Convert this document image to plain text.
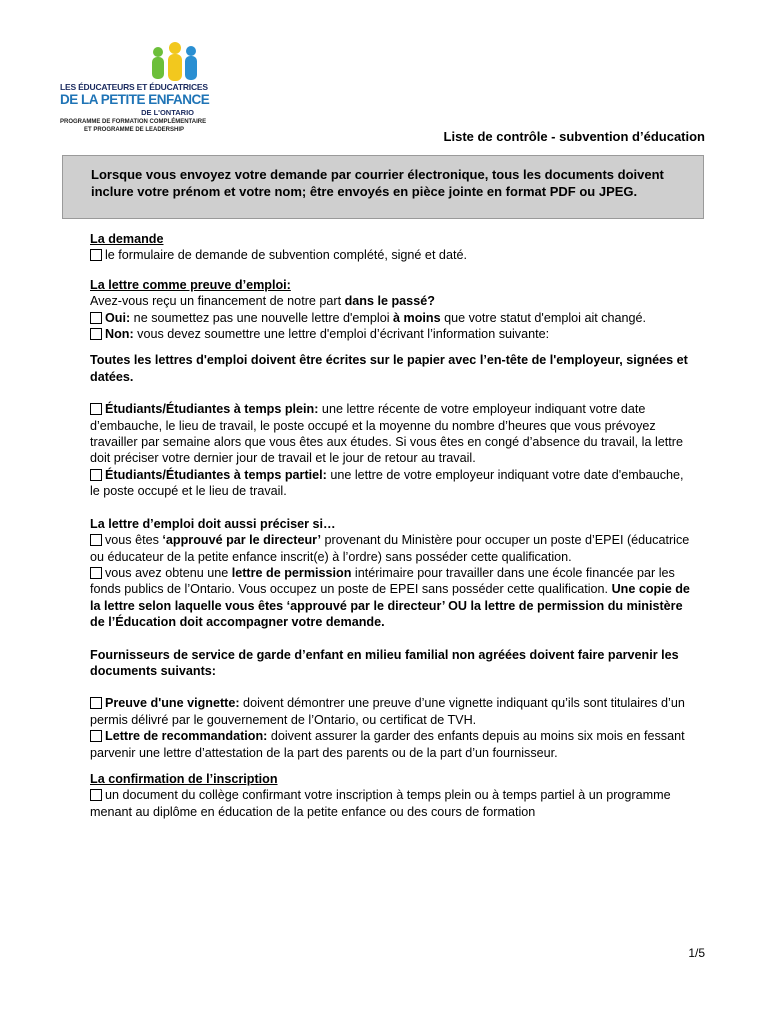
LES ÉDUCATEURS ET ÉDUCATRICES
DE LA PETITE ENFANCE
DE L'ONTARIO
PROGRAMME DE FORMATION COMPLÉMENTAIRE
ET PROGRAMME DE LEADERSHIP	Liste de contrôle - subvention d’éducation
Lorsque vous envoyez votre demande par courrier électronique, tous les documents doivent inclure votre prénom et votre nom; être envoyés en pièce jointe en format PDF ou JPEG.

La demande

le formulaire de demande de subvention complété, signé et daté.

La lettre comme preuve d’emploi:

Avez-vous reçu un financement de notre part dans le passé?

Oui: ne soumettez pas une nouvelle lettre d'emploi à moins que votre statut d'emploi ait changé.

Non: vous devez soumettre une lettre d'emploi d’écrivant l’information suivante:

Toutes les lettres d'emploi doivent être écrites sur le papier avec l’en-tête de l'employeur, signées et datées.

Étudiants/Étudiantes à temps plein: une lettre récente de votre employeur indiquant votre date d’embauche, le lieu de travail, le poste occupé et la moyenne du nombre d’heures que vous prévoyez travailler par semaine alors que vous êtes aux études. Si vous êtes en congé d’absence du travail, la lettre doit préciser votre dernier jour de travail et le jour de retour au travail.

Étudiants/Étudiantes à temps partiel: une lettre de votre employeur indiquant votre date d'embauche, le poste occupé et le lieu de travail.

La lettre d’emploi doit aussi préciser si…

vous êtes ‘approuvé par le directeur’ provenant du Ministère pour occuper un poste d’EPEI (éducatrice ou éducateur de la petite enfance inscrit(e) à l’ordre) sans posséder cette qualification.

vous avez obtenu une lettre de permission intérimaire pour travailler dans une école financée par les fonds publics de l’Ontario. Vous occupez un poste de EPEI sans posséder cette qualification. Une copie de la lettre selon laquelle vous êtes ‘approuvé par le directeur’ OU la lettre de permission du ministère de l’Éducation doit accompagner votre demande.

Fournisseurs de service de garde d’enfant en milieu familial non agréées doivent faire parvenir les documents suivants:

Preuve d'une vignette: doivent démontrer une preuve d’une vignette indiquant qu’ils sont titulaires d’un permis délivré par le gouvernement de l’Ontario, ou certificat de TVH.

Lettre de recommandation: doivent assurer la garder des enfants depuis au moins six mois en fessant parvenir une lettre d’attestation de la part des parents ou de la part d’un fournisseur.

La confirmation de l’inscription

un document du collège confirmant votre inscription à temps plein ou à temps partiel à un programme menant au diplôme en éducation de la petite enfance ou des cours de formation

1/5
